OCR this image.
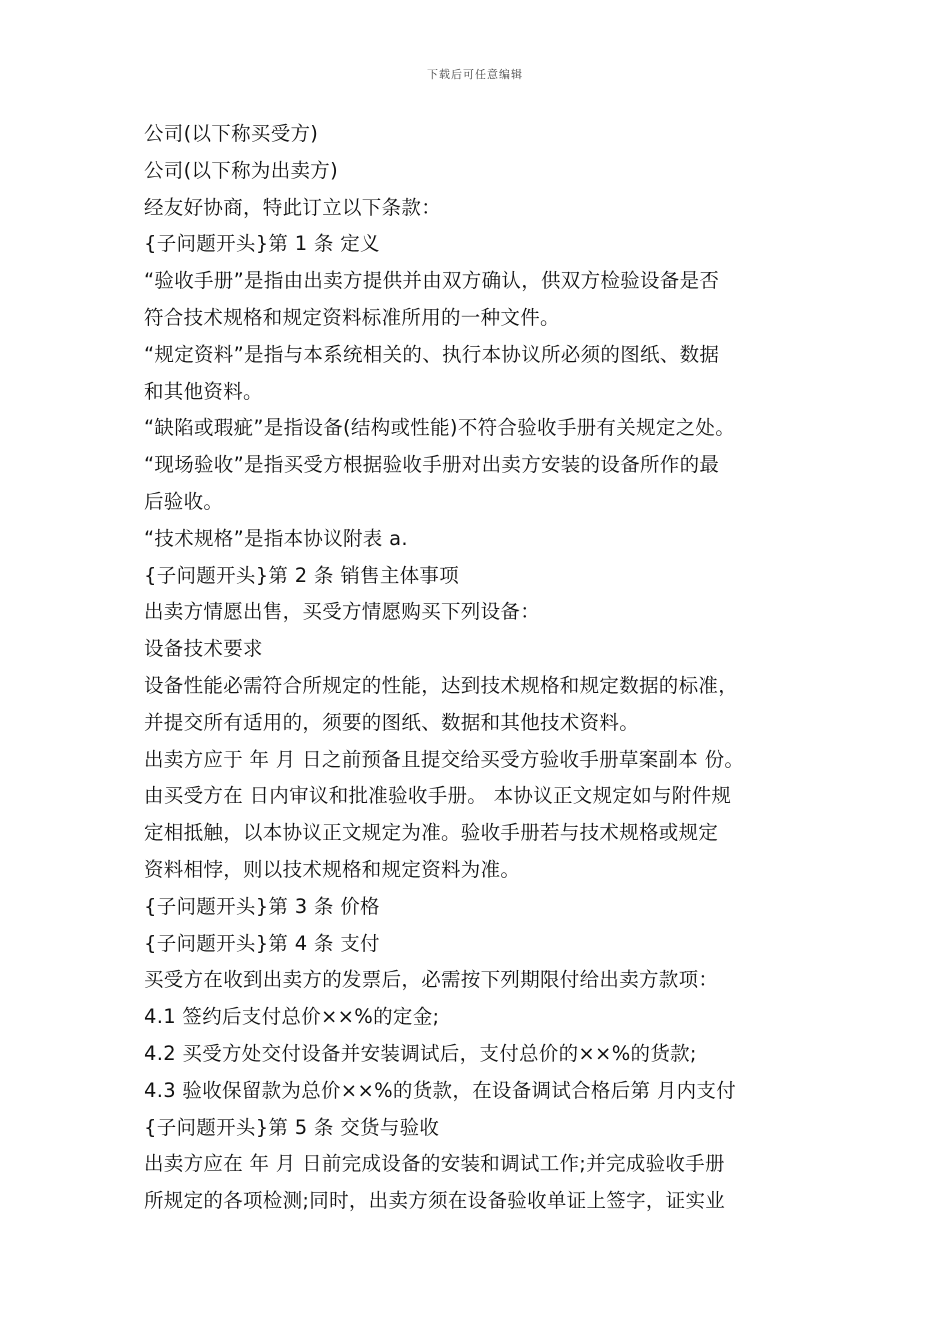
下载后可任意编辑
公司(以下称买受方)
公司(以下称为出卖方)
经友好协商，特此订立以下条款：
{子问题开头}第 1 条 定义
“验收手册”是指由出卖方提供并由双方确认，供双方检验设备是否
符合技术规格和规定资料标准所用的一种文件。
“规定资料”是指与本系统相关的、执行本协议所必须的图纸、数据
和其他资料。
“缺陷或瑕疵”是指设备(结构或性能)不符合验收手册有关规定之处。
“现场验收”是指买受方根据验收手册对出卖方安装的设备所作的最
后验收。
“技术规格”是指本协议附表 a.
{子问题开头}第 2 条 销售主体事项
出卖方情愿出售，买受方情愿购买下列设备：
设备技术要求
设备性能必需符合所规定的性能，达到技术规格和规定数据的标准，
并提交所有适用的，须要的图纸、数据和其他技术资料。
出卖方应于 年 月 日之前预备且提交给买受方验收手册草案副本 份。
由买受方在 日内审议和批准验收手册。 本协议正文规定如与附件规
定相抵触，以本协议正文规定为准。验收手册若与技术规格或规定
资料相悖，则以技术规格和规定资料为准。
{子问题开头}第 3 条 价格
{子问题开头}第 4 条 支付
买受方在收到出卖方的发票后，必需按下列期限付给出卖方款项：
4.1 签约后支付总价××%的定金;
4.2 买受方处交付设备并安装调试后，支付总价的××%的货款;
4.3 验收保留款为总价××%的货款，在设备调试合格后第 月内支付
{子问题开头}第 5 条 交货与验收
出卖方应在 年 月 日前完成设备的安装和调试工作;并完成验收手册
所规定的各项检测;同时，出卖方须在设备验收单证上签字，证实业
